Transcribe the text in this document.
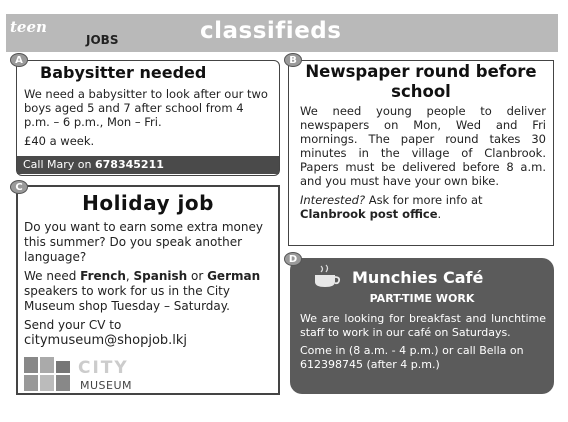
teen
JOBS	classifieds
A
Babysitter needed

We need a babysitter to look after our two boys aged 5 and 7 after school from 4 p.m. – 6 p.m., Mon – Fri.

£40 a week.

Call Mary on 678345211
B
Newspaper round before school

We need young people to deliver newspapers on Mon, Wed and Fri mornings. The paper round takes 30 minutes in the village of Clanbrook. Papers must be delivered before 8 a.m. and you must have your own bike.

Interested? Ask for more info at Clanbrook post office.

C
Holiday job

Do you want to earn some extra money this summer? Do you speak another language?

We need French, Spanish or German speakers to work for us in the City Museum shop Tuesday – Saturday.

Send your CV to

citymuseum@shopjob.lkj
CITY
MUSEUM
D
Munchies Café
PART-TIME WORK

We are looking for breakfast and lunchtime staff to work in our café on Saturdays.

Come in (8 a.m. - 4 p.m.) or call Bella on 612398745 (after 4 p.m.)
